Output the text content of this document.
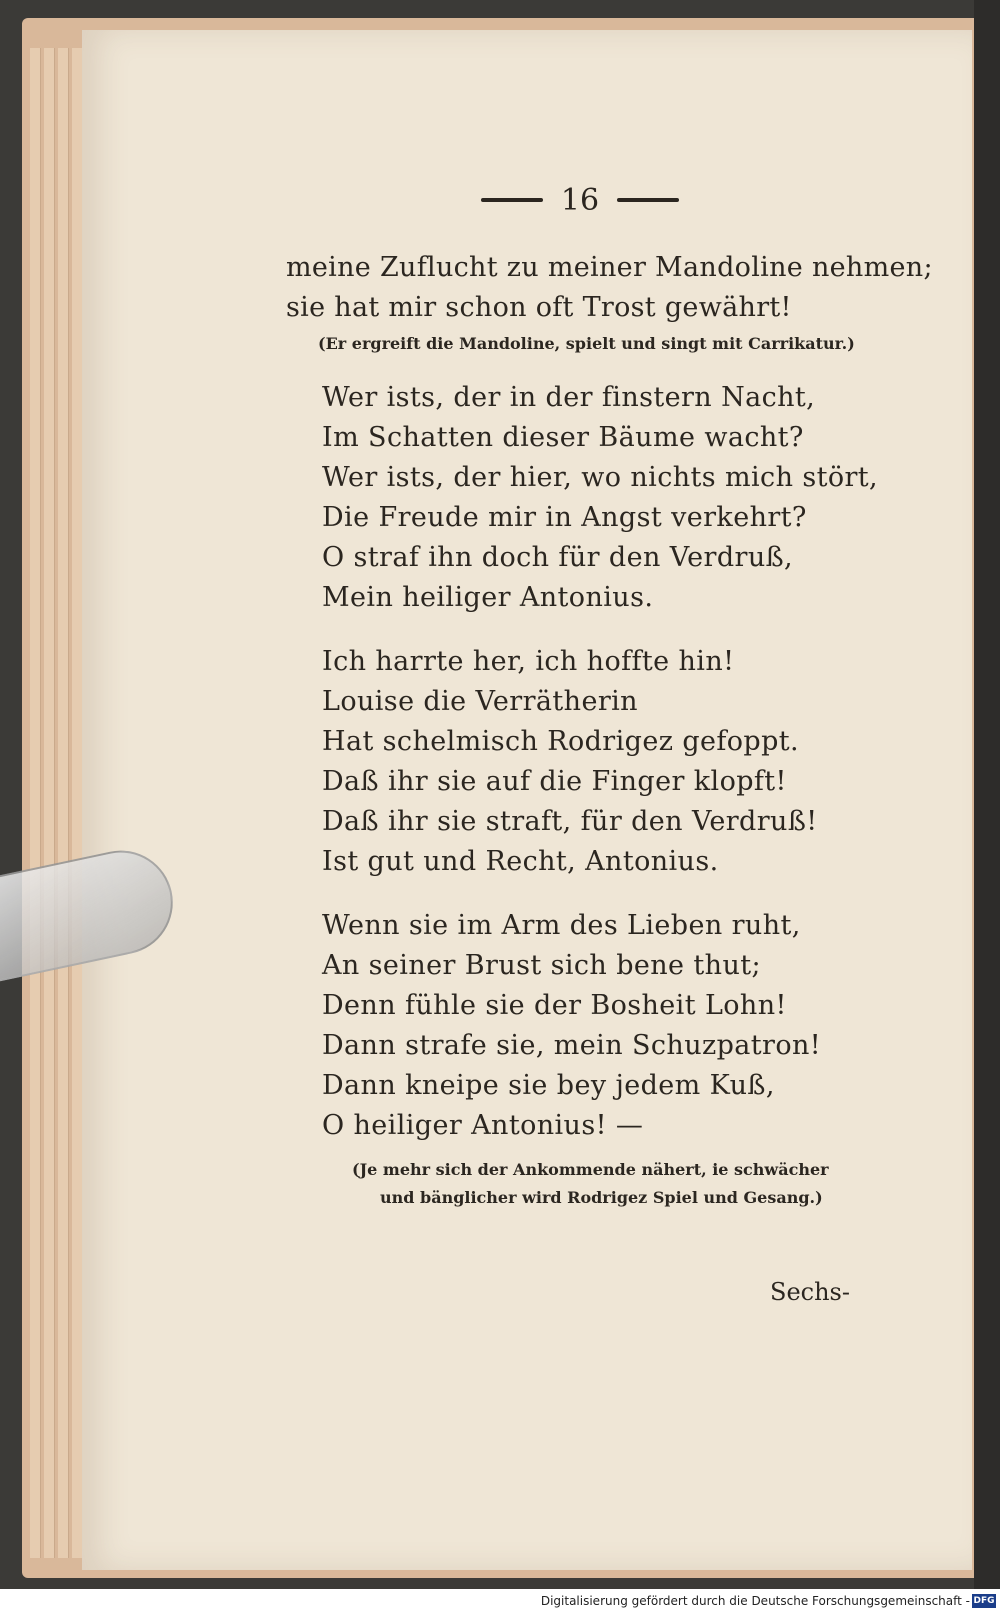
16
meine Zuflucht zu meiner Mandoline nehmen;
sie hat mir schon oft Trost gewährt!
(Er ergreift die Mandoline, spielt und singt mit Carrikatur.)
Wer ists, der in der finstern Nacht,
Im Schatten dieser Bäume wacht?
Wer ists, der hier, wo nichts mich stört,
Die Freude mir in Angst verkehrt?
O straf ihn doch für den Verdruß,
Mein heiliger Antonius.
Ich harrte her, ich hoffte hin!
Louise die Verrätherin
Hat schelmisch Rodrigez gefoppt.
Daß ihr sie auf die Finger klopft!
Daß ihr sie straft, für den Verdruß!
Ist gut und Recht, Antonius.
Wenn sie im Arm des Lieben ruht,
An seiner Brust sich bene thut;
Denn fühle sie der Bosheit Lohn!
Dann strafe sie, mein Schuzpatron!
Dann kneipe sie bey jedem Kuß,
O heiliger Antonius! —
(Je mehr sich der Ankommende nähert, ie schwächer
und bänglicher wird Rodrigez Spiel und Gesang.)
Sechs-
Digitalisierung gefördert durch die Deutsche Forschungsgemeinschaft - DFG
